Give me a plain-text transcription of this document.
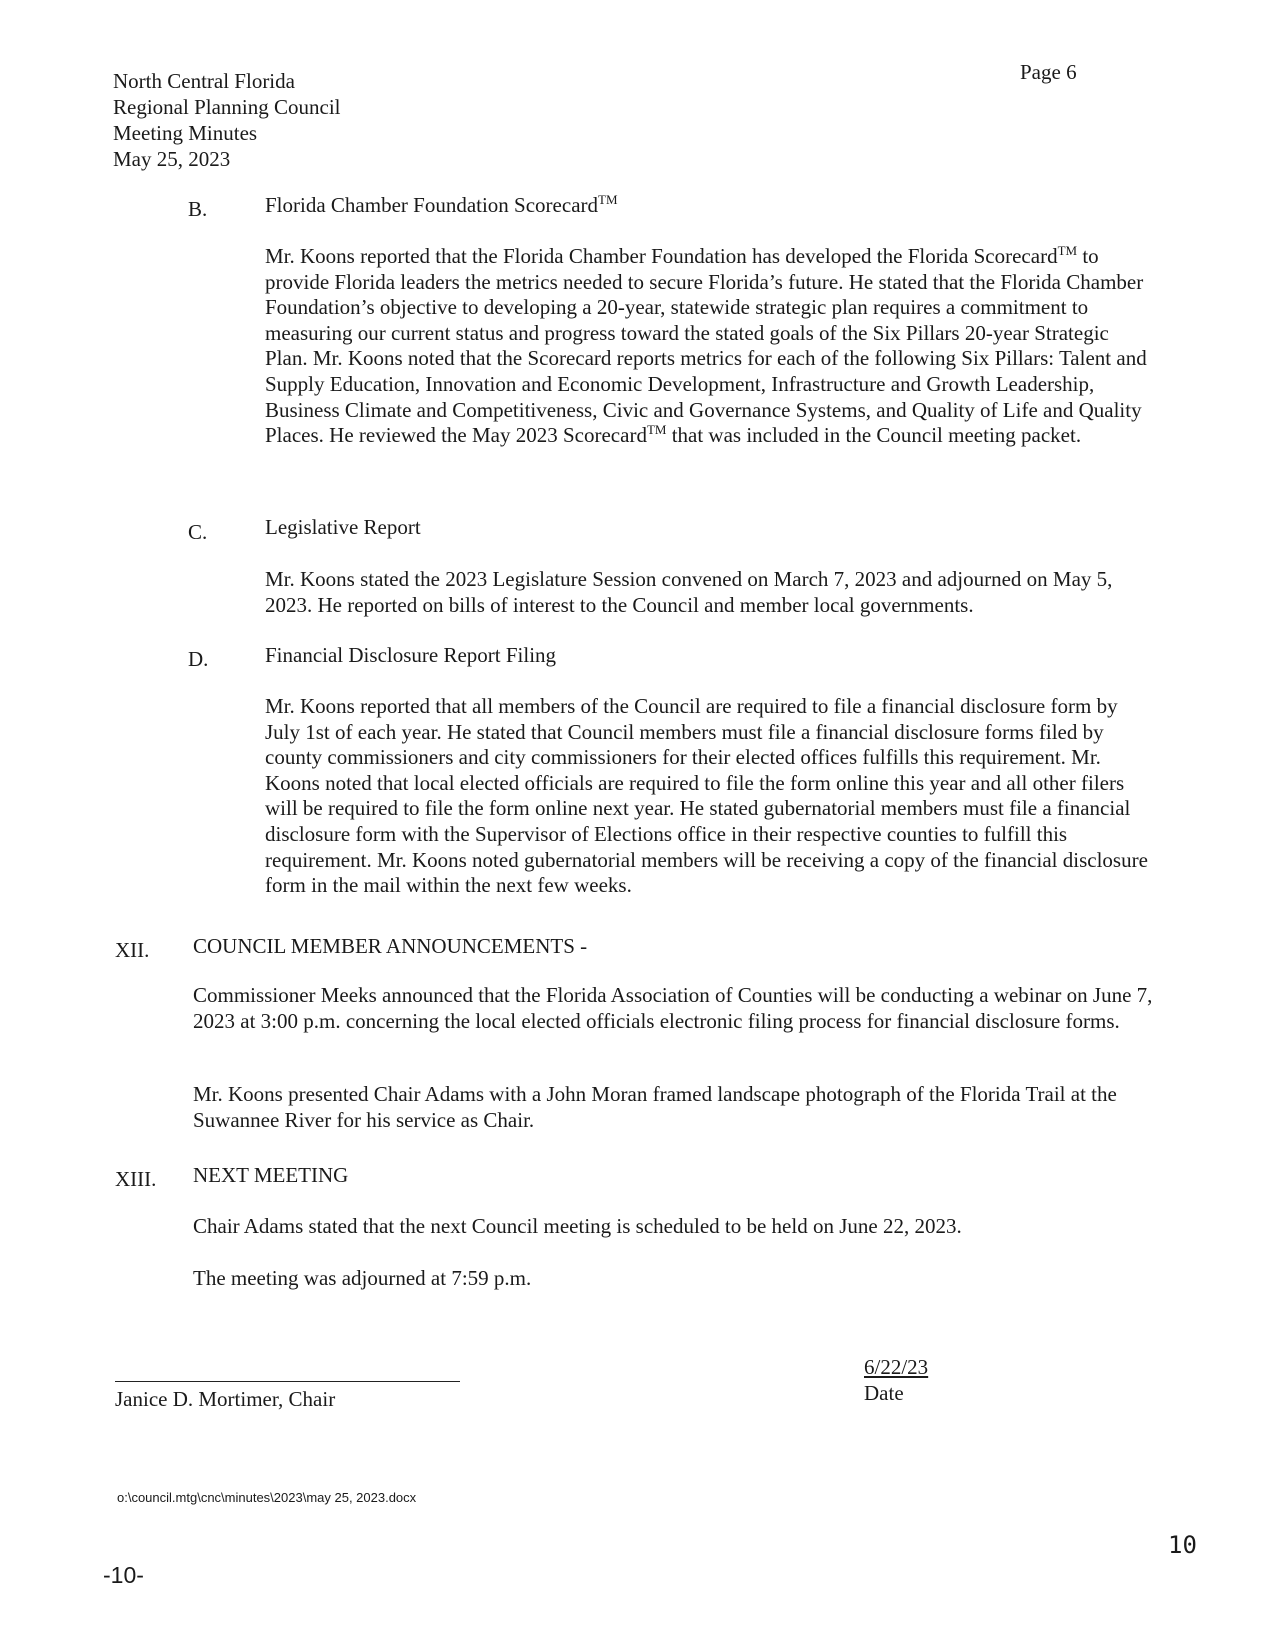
North Central Florida
Regional Planning Council
Meeting Minutes
May 25, 2023
Page 6
B.	Florida Chamber Foundation Scorecard™
Mr. Koons reported that the Florida Chamber Foundation has developed the Florida Scorecard™ to provide Florida leaders the metrics needed to secure Florida’s future. He stated that the Florida Chamber Foundation’s objective to developing a 20-year, statewide strategic plan requires a commitment to measuring our current status and progress toward the stated goals of the Six Pillars 20-year Strategic Plan. Mr. Koons noted that the Scorecard reports metrics for each of the following Six Pillars: Talent and Supply Education, Innovation and Economic Development, Infrastructure and Growth Leadership, Business Climate and Competitiveness, Civic and Governance Systems, and Quality of Life and Quality Places. He reviewed the May 2023 Scorecard™ that was included in the Council meeting packet.
C.	Legislative Report
Mr. Koons stated the 2023 Legislature Session convened on March 7, 2023 and adjourned on May 5, 2023. He reported on bills of interest to the Council and member local governments.
D.	Financial Disclosure Report Filing
Mr. Koons reported that all members of the Council are required to file a financial disclosure form by July 1st of each year. He stated that Council members must file a financial disclosure forms filed by county commissioners and city commissioners for their elected offices fulfills this requirement. Mr. Koons noted that local elected officials are required to file the form online this year and all other filers will be required to file the form online next year. He stated gubernatorial members must file a financial disclosure form with the Supervisor of Elections office in their respective counties to fulfill this requirement. Mr. Koons noted gubernatorial members will be receiving a copy of the financial disclosure form in the mail within the next few weeks.
XII. COUNCIL MEMBER ANNOUNCEMENTS -
Commissioner Meeks announced that the Florida Association of Counties will be conducting a webinar on June 7, 2023 at 3:00 p.m. concerning the local elected officials electronic filing process for financial disclosure forms.
Mr. Koons presented Chair Adams with a John Moran framed landscape photograph of the Florida Trail at the Suwannee River for his service as Chair.
XIII. NEXT MEETING
Chair Adams stated that the next Council meeting is scheduled to be held on June 22, 2023.
The meeting was adjourned at 7:59 p.m.
Janice D. Mortimer, Chair
6/22/23
Date
o:\council.mtg\cnc\minutes\2023\may 25, 2023.docx
10
-10-
